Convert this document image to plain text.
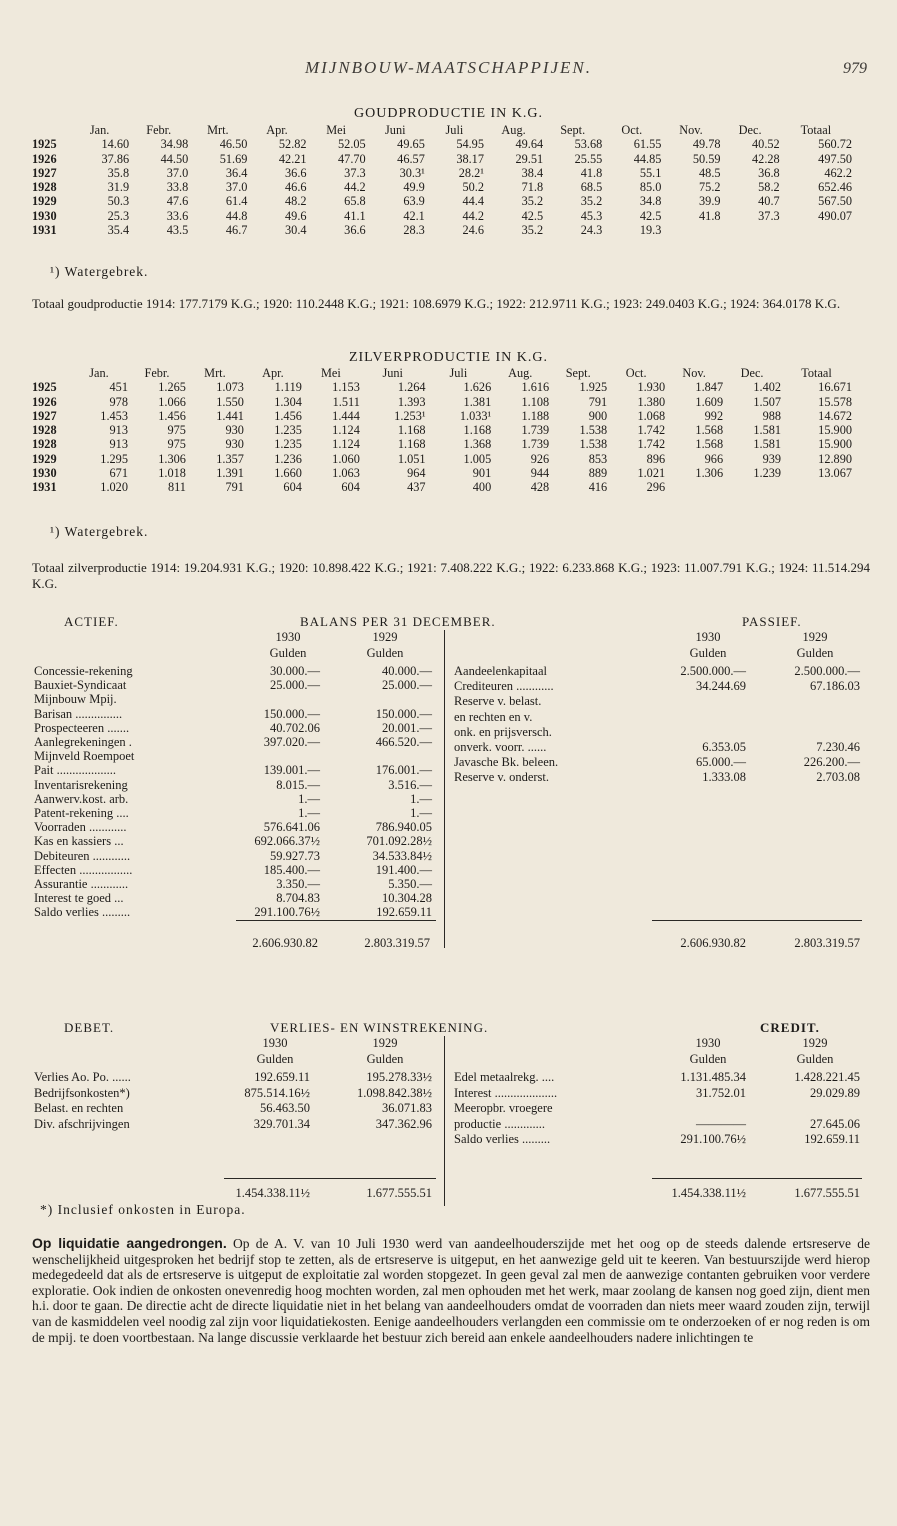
MIJNBOUW-MAATSCHAPPIJEN.	979
GOUDPRODUCTIE IN K.G.
	Jan.	Febr.	Mrt.	Apr.	Mei	Juni	Juli	Aug.	Sept.	Oct.	Nov.	Dec.	Totaal
1925	14.60	34.98	46.50	52.82	52.05	49.65	54.95	49.64	53.68	61.55	49.78	40.52	560.72
1926	37.86	44.50	51.69	42.21	47.70	46.57	38.17	29.51	25.55	44.85	50.59	42.28	497.50
1927	35.8	37.0	36.4	36.6	37.3	30.3¹	28.2¹	38.4	41.8	55.1	48.5	36.8	462.2
1928	31.9	33.8	37.0	46.6	44.2	49.9	50.2	71.8	68.5	85.0	75.2	58.2	652.46
1929	50.3	47.6	61.4	48.2	65.8	63.9	44.4	35.2	35.2	34.8	39.9	40.7	567.50
1930	25.3	33.6	44.8	49.6	41.1	42.1	44.2	42.5	45.3	42.5	41.8	37.3	490.07
1931	35.4	43.5	46.7	30.4	36.6	28.3	24.6	35.2	24.3	19.3			
¹) Watergebrek.
Totaal goudproductie 1914: 177.7179 K.G.; 1920: 110.2448 K.G.; 1921: 108.6979 K.G.; 1922: 212.9711 K.G.; 1923: 249.0403 K.G.; 1924: 364.0178 K.G.
ZILVERPRODUCTIE IN K.G.
	Jan.	Febr.	Mrt.	Apr.	Mei	Juni	Juli	Aug.	Sept.	Oct.	Nov.	Dec.	Totaal
1925	451	1.265	1.073	1.119	1.153	1.264	1.626	1.616	1.925	1.930	1.847	1.402	16.671
1926	978	1.066	1.550	1.304	1.511	1.393	1.381	1.108	791	1.380	1.609	1.507	15.578
1927	1.453	1.456	1.441	1.456	1.444	1.253¹	1.033¹	1.188	900	1.068	992	988	14.672
1928	913	975	930	1.235	1.124	1.168	1.168	1.739	1.538	1.742	1.568	1.581	15.900
1928	913	975	930	1.235	1.124	1.168	1.368	1.739	1.538	1.742	1.568	1.581	15.900
1929	1.295	1.306	1.357	1.236	1.060	1.051	1.005	926	853	896	966	939	12.890
1930	671	1.018	1.391	1.660	1.063	964	901	944	889	1.021	1.306	1.239	13.067
1931	1.020	811	791	604	604	437	400	428	416	296			
¹) Watergebrek.
Totaal zilverproductie 1914: 19.204.931 K.G.; 1920: 10.898.422 K.G.; 1921: 7.408.222 K.G.; 1922: 6.233.868 K.G.; 1923: 11.007.791 K.G.; 1924: 11.514.294 K.G.
ACTIEF.	BALANS PER 31 DECEMBER.	PASSIEF.
1930	1929
Gulden	Gulden
1930	1929
Gulden	Gulden
Concessie-rekening	30.000.—	40.000.—
Bauxiet-Syndicaat	25.000.—	25.000.—
Mijnbouw Mpij.
Barisan ...............	150.000.—	150.000.—
Prospecteeren .......	40.702.06	20.001.—
Aanlegrekeningen .	397.020.—	466.520.—
Mijnveld Roempoet
Pait ...................	139.001.—	176.001.—
Inventarisrekening	8.015.—	3.516.—
Aanwerv.kost. arb.	1.—	1.—
Patent-rekening ....	1.—	1.—
Voorraden ............	576.641.06	786.940.05
Kas en kassiers ...	692.066.37½	701.092.28½
Debiteuren ............	59.927.73	34.533.84½
Effecten .................	185.400.—	191.400.—
Assurantie ............	3.350.—	5.350.—
Interest te goed ...	8.704.83	10.304.28
Saldo verlies .........	291.100.76½	192.659.11
Aandeelenkapitaal	2.500.000.—	2.500.000.—
Crediteuren ............	34.244.69	67.186.03
Reserve v. belast.
en rechten en v.
onk. en prijsversch.
onverk. voorr. ......	6.353.05	7.230.46
Javasche Bk. beleen.	65.000.—	226.200.—
Reserve v. onderst.	1.333.08	2.703.08
2.606.930.82	2.803.319.57	2.606.930.82	2.803.319.57
DEBET.	VERLIES- EN WINSTREKENING.	CREDIT.
1930	1929
Gulden	Gulden
1930	1929
Gulden	Gulden
Verlies Ao. Po. ......	192.659.11	195.278.33½
Bedrijfsonkosten*)	875.514.16½	1.098.842.38½
Belast. en rechten	56.463.50	36.071.83
Div. afschrijvingen	329.701.34	347.362.96
Edel metaalrekg. ....	1.131.485.34	1.428.221.45
Interest ....................	31.752.01	29.029.89
Meeropbr. vroegere
productie .............	————	27.645.06
Saldo verlies .........	291.100.76½	192.659.11
1.454.338.11½	1.677.555.51	1.454.338.11½	1.677.555.51
*) Inclusief onkosten in Europa.
Op liquidatie aangedrongen. Op de A. V. van 10 Juli 1930 werd van aandeelhouderszijde met het oog op de steeds dalende ertsreserve de wenschelijkheid uitgesproken het bedrijf stop te zetten, als de ertsreserve is uitgeput, en het aanwezige geld uit te keeren. Van bestuurszijde werd hierop medegedeeld dat als de ertsreserve is uitgeput de exploitatie zal worden stopgezet. In geen geval zal men de aanwezige contanten gebruiken voor verdere exploratie. Ook indien de onkosten onevenredig hoog mochten worden, zal men ophouden met het werk, maar zoolang de kansen nog goed zijn, dient men h.i. door te gaan. De directie acht de directe liquidatie niet in het belang van aandeelhouders omdat de voorraden dan niets meer waard zouden zijn, terwijl van de kasmiddelen veel noodig zal zijn voor liquidatiekosten. Eenige aandeelhouders verlangden een commissie om te onderzoeken of er nog reden is om de mpij. te doen voortbestaan. Na lange discussie verklaarde het bestuur zich bereid aan enkele aandeelhouders nadere inlichtingen te
